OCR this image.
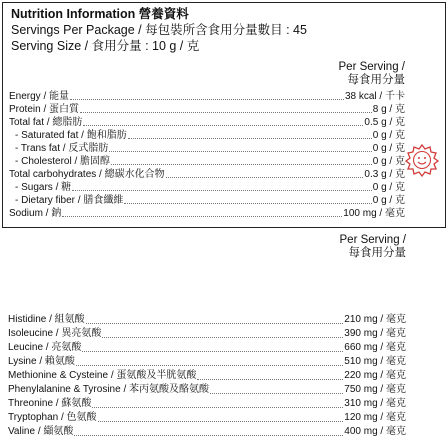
Nutrition Information 營養資料
Servings Per Package / 每包裝所含食用分量數目 : 45
Serving Size / 食用分量 : 10 g / 克
Per Serving /
每食用分量
Energy / 能量	38 kcal / 千卡
Protein / 蛋白質	8 g / 克
Total fat / 總脂肪	0.5 g / 克
- Saturated fat / 飽和脂肪	0 g / 克
- Trans fat / 反式脂肪	0 g / 克
- Cholesterol / 膽固醇	0 g / 克
Total carbohydrates / 總碳水化合物	0.3 g / 克
- Sugars / 糖	0 g / 克
- Dietary fiber / 膳食纖維	0 g / 克
Sodium / 鈉	100 mg / 毫克
Per Serving /
每食用分量
Histidine / 組氨酸	210 mg / 毫克
Isoleucine / 異亮氨酸	390 mg / 毫克
Leucine / 亮氨酸	660 mg / 毫克
Lysine / 賴氨酸	510 mg / 毫克
Methionine & Cysteine / 蛋氨酸及半胱氨酸	220 mg / 毫克
Phenylalanine & Tyrosine / 苯丙氨酸及酪氨酸	750 mg / 毫克
Threonine / 蘇氨酸	310 mg / 毫克
Tryptophan / 色氨酸	120 mg / 毫克
Valine / 纈氨酸	400 mg / 毫克
